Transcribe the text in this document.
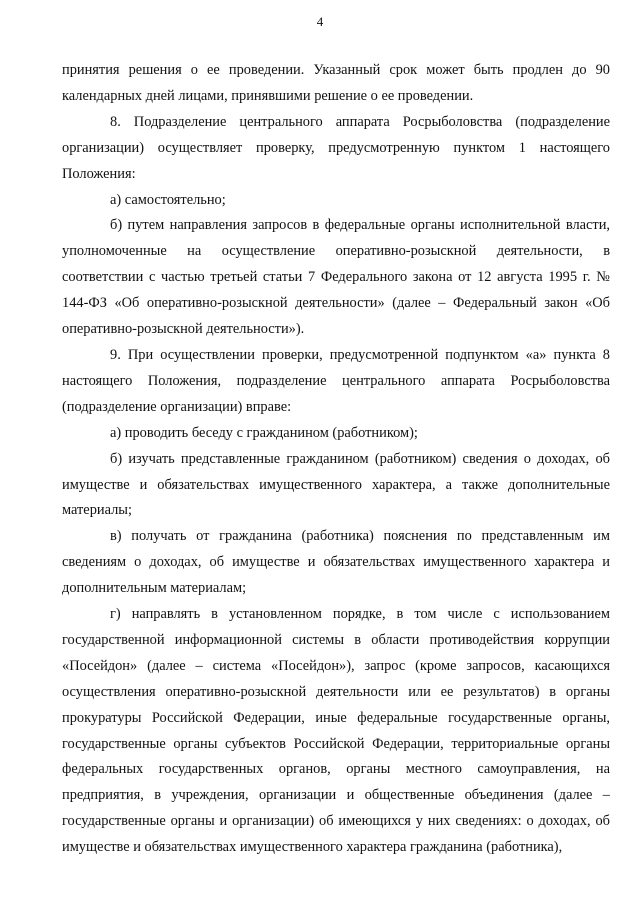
4

принятия решения о ее проведении. Указанный срок может быть продлен до 90 календарных дней лицами, принявшими решение о ее проведении.

8. Подразделение центрального аппарата Росрыболовства (подразделение организации) осуществляет проверку, предусмотренную пунктом 1 настоящего Положения:

а) самостоятельно;

б) путем направления запросов в федеральные органы исполнительной власти, уполномоченные на осуществление оперативно-розыскной деятельности, в соответствии с частью третьей статьи 7 Федерального закона от 12 августа 1995 г. № 144-ФЗ «Об оперативно-розыскной деятельности» (далее – Федеральный закон «Об оперативно-розыскной деятельности»).

9. При осуществлении проверки, предусмотренной подпунктом «а» пункта 8 настоящего Положения, подразделение центрального аппарата Росрыболовства (подразделение организации) вправе:

а) проводить беседу с гражданином (работником);

б) изучать представленные гражданином (работником) сведения о доходах, об имуществе и обязательствах имущественного характера, а также дополнительные материалы;

в) получать от гражданина (работника) пояснения по представленным им сведениям о доходах, об имуществе и обязательствах имущественного характера и дополнительным материалам;

г) направлять в установленном порядке, в том числе с использованием государственной информационной системы в области противодействия коррупции «Посейдон» (далее – система «Посейдон»), запрос (кроме запросов, касающихся осуществления оперативно-розыскной деятельности или ее результатов) в органы прокуратуры Российской Федерации, иные федеральные государственные органы, государственные органы субъектов Российской Федерации, территориальные органы федеральных государственных органов, органы местного самоуправления, на предприятия, в учреждения, организации и общественные объединения (далее – государственные органы и организации) об имеющихся у них сведениях: о доходах, об имуществе и обязательствах имущественного характера гражданина (работника),
